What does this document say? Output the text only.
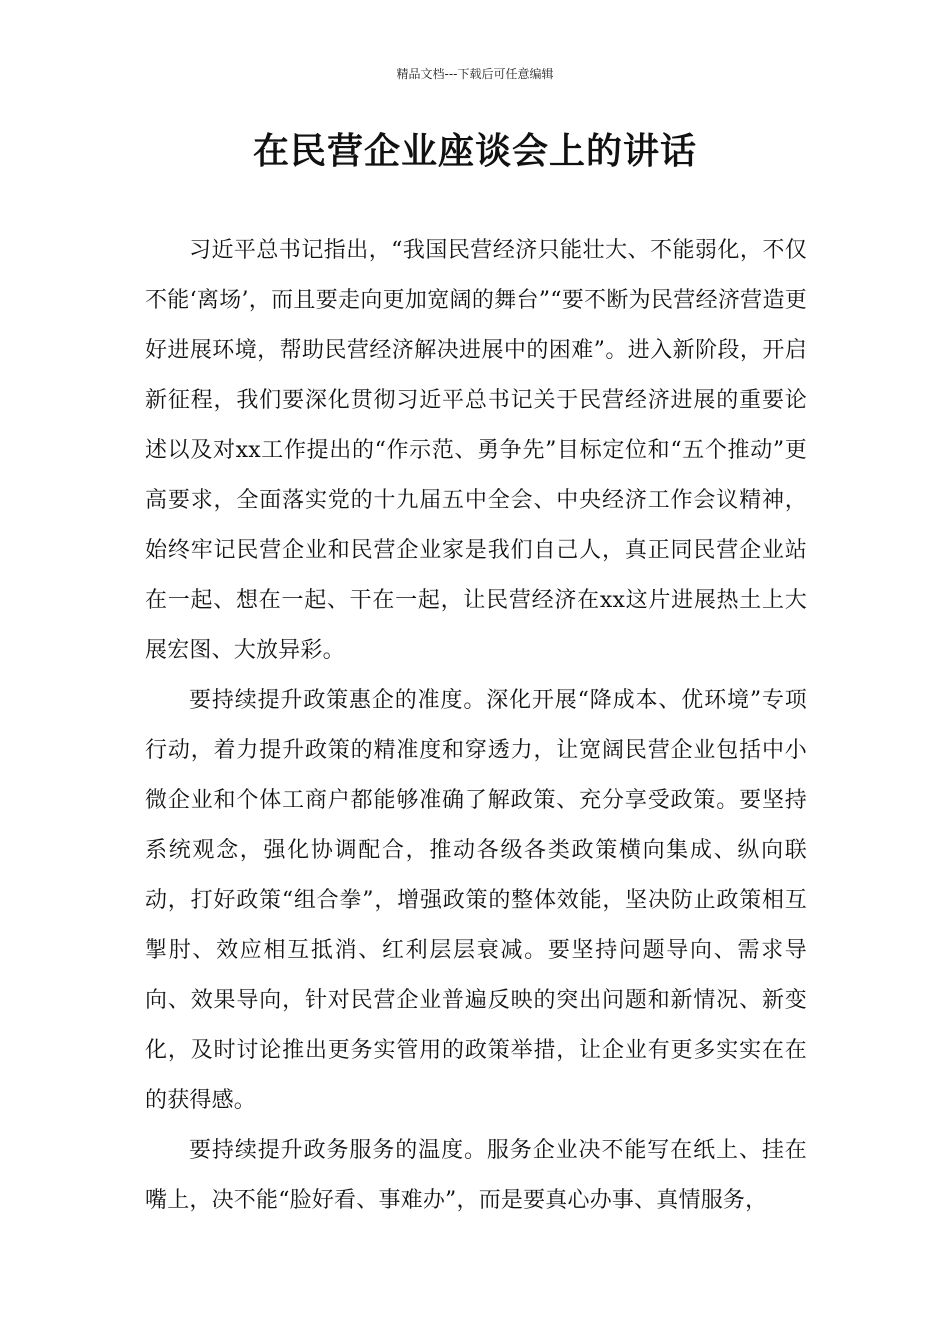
精品文档---下载后可任意编辑
在民营企业座谈会上的讲话

习近平总书记指出，“我国民营经济只能壮大、不能弱化，不仅不能‘离场’，而且要走向更加宽阔的舞台”“要不断为民营经济营造更好进展环境，帮助民营经济解决进展中的困难”。进入新阶段，开启新征程，我们要深化贯彻习近平总书记关于民营经济进展的重要论述以及对xx工作提出的“作示范、勇争先”目标定位和“五个推动”更高要求，全面落实党的十九届五中全会、中央经济工作会议精神，始终牢记民营企业和民营企业家是我们自己人，真正同民营企业站在一起、想在一起、干在一起，让民营经济在xx这片进展热土上大展宏图、大放异彩。

要持续提升政策惠企的准度。深化开展“降成本、优环境”专项行动，着力提升政策的精准度和穿透力，让宽阔民营企业包括中小微企业和个体工商户都能够准确了解政策、充分享受政策。要坚持系统观念，强化协调配合，推动各级各类政策横向集成、纵向联动，打好政策“组合拳”，增强政策的整体效能，坚决防止政策相互掣肘、效应相互抵消、红利层层衰减。要坚持问题导向、需求导向、效果导向，针对民营企业普遍反映的突出问题和新情况、新变化，及时讨论推出更务实管用的政策举措，让企业有更多实实在在的获得感。

要持续提升政务服务的温度。服务企业决不能写在纸上、挂在嘴上，决不能“脸好看、事难办”，而是要真心办事、真情服务，
